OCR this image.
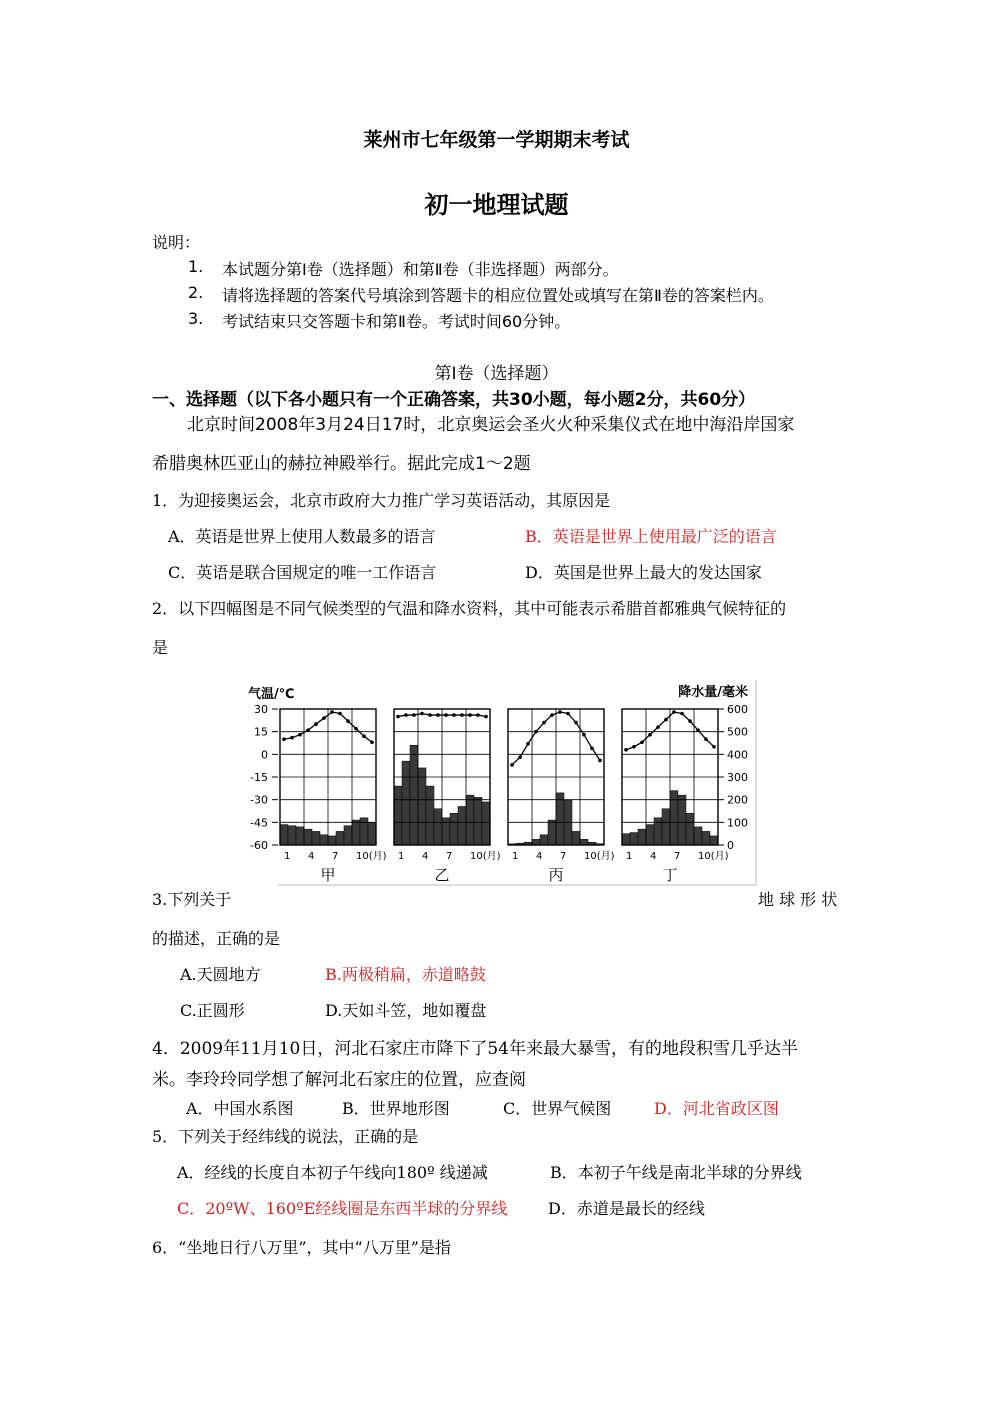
莱州市七年级第一学期期末考试
初一地理试题
说明：
1. 本试题分第Ⅰ卷（选择题）和第Ⅱ卷（非选择题）两部分。
2. 请将选择题的答案代号填涂到答题卡的相应位置处或填写在第Ⅱ卷的答案栏内。
3. 考试结束只交答题卡和第Ⅱ卷。考试时间60分钟。
第Ⅰ卷（选择题）
一、选择题（以下各小题只有一个正确答案，共30小题，每小题2分，共60分）
北京时间2008年3月24日17时，北京奥运会圣火火种采集仪式在地中海沿岸国家
希腊奥林匹亚山的赫拉神殿举行。据此完成1～2题
1．为迎接奥运会，北京市政府大力推广学习英语活动，其原因是
A．英语是世界上使用人数最多的语言	B．英语是世界上使用最广泛的语言
C．英语是联合国规定的唯一工作语言	D．英国是世界上最大的发达国家
2．以下四幅图是不同气候类型的气温和降水资料，其中可能表示希腊首都雅典气候特征的
是
气温/℃	降水量/毫米
30
15
0
-15
-30
-45
-60
600
500
400
300
200
100
0
1 4 7 10(月)
甲
1 4 7 10(月)
乙
1 4 7 10(月)
丙
1 4 7 10(月)
丁
3.下列关于	地 球 形 状
的描述，正确的是
A.天圆地方	B.两极稍扁，赤道略鼓
C.正圆形	D.天如斗笠，地如覆盘
4．2009年11月10日，河北石家庄市降下了54年来最大暴雪，有的地段积雪几乎达半
米。李玲玲同学想了解河北石家庄的位置，应查阅
A．中国水系图	B．世界地形图	C．世界气候图	D．河北省政区图
5．下列关于经纬线的说法，正确的是
A．经线的长度自本初子午线向180º 线递减	B．本初子午线是南北半球的分界线
C．20ºW、160ºE经线圈是东西半球的分界线	D．赤道是最长的经线
6．“坐地日行八万里”，其中“八万里”是指
